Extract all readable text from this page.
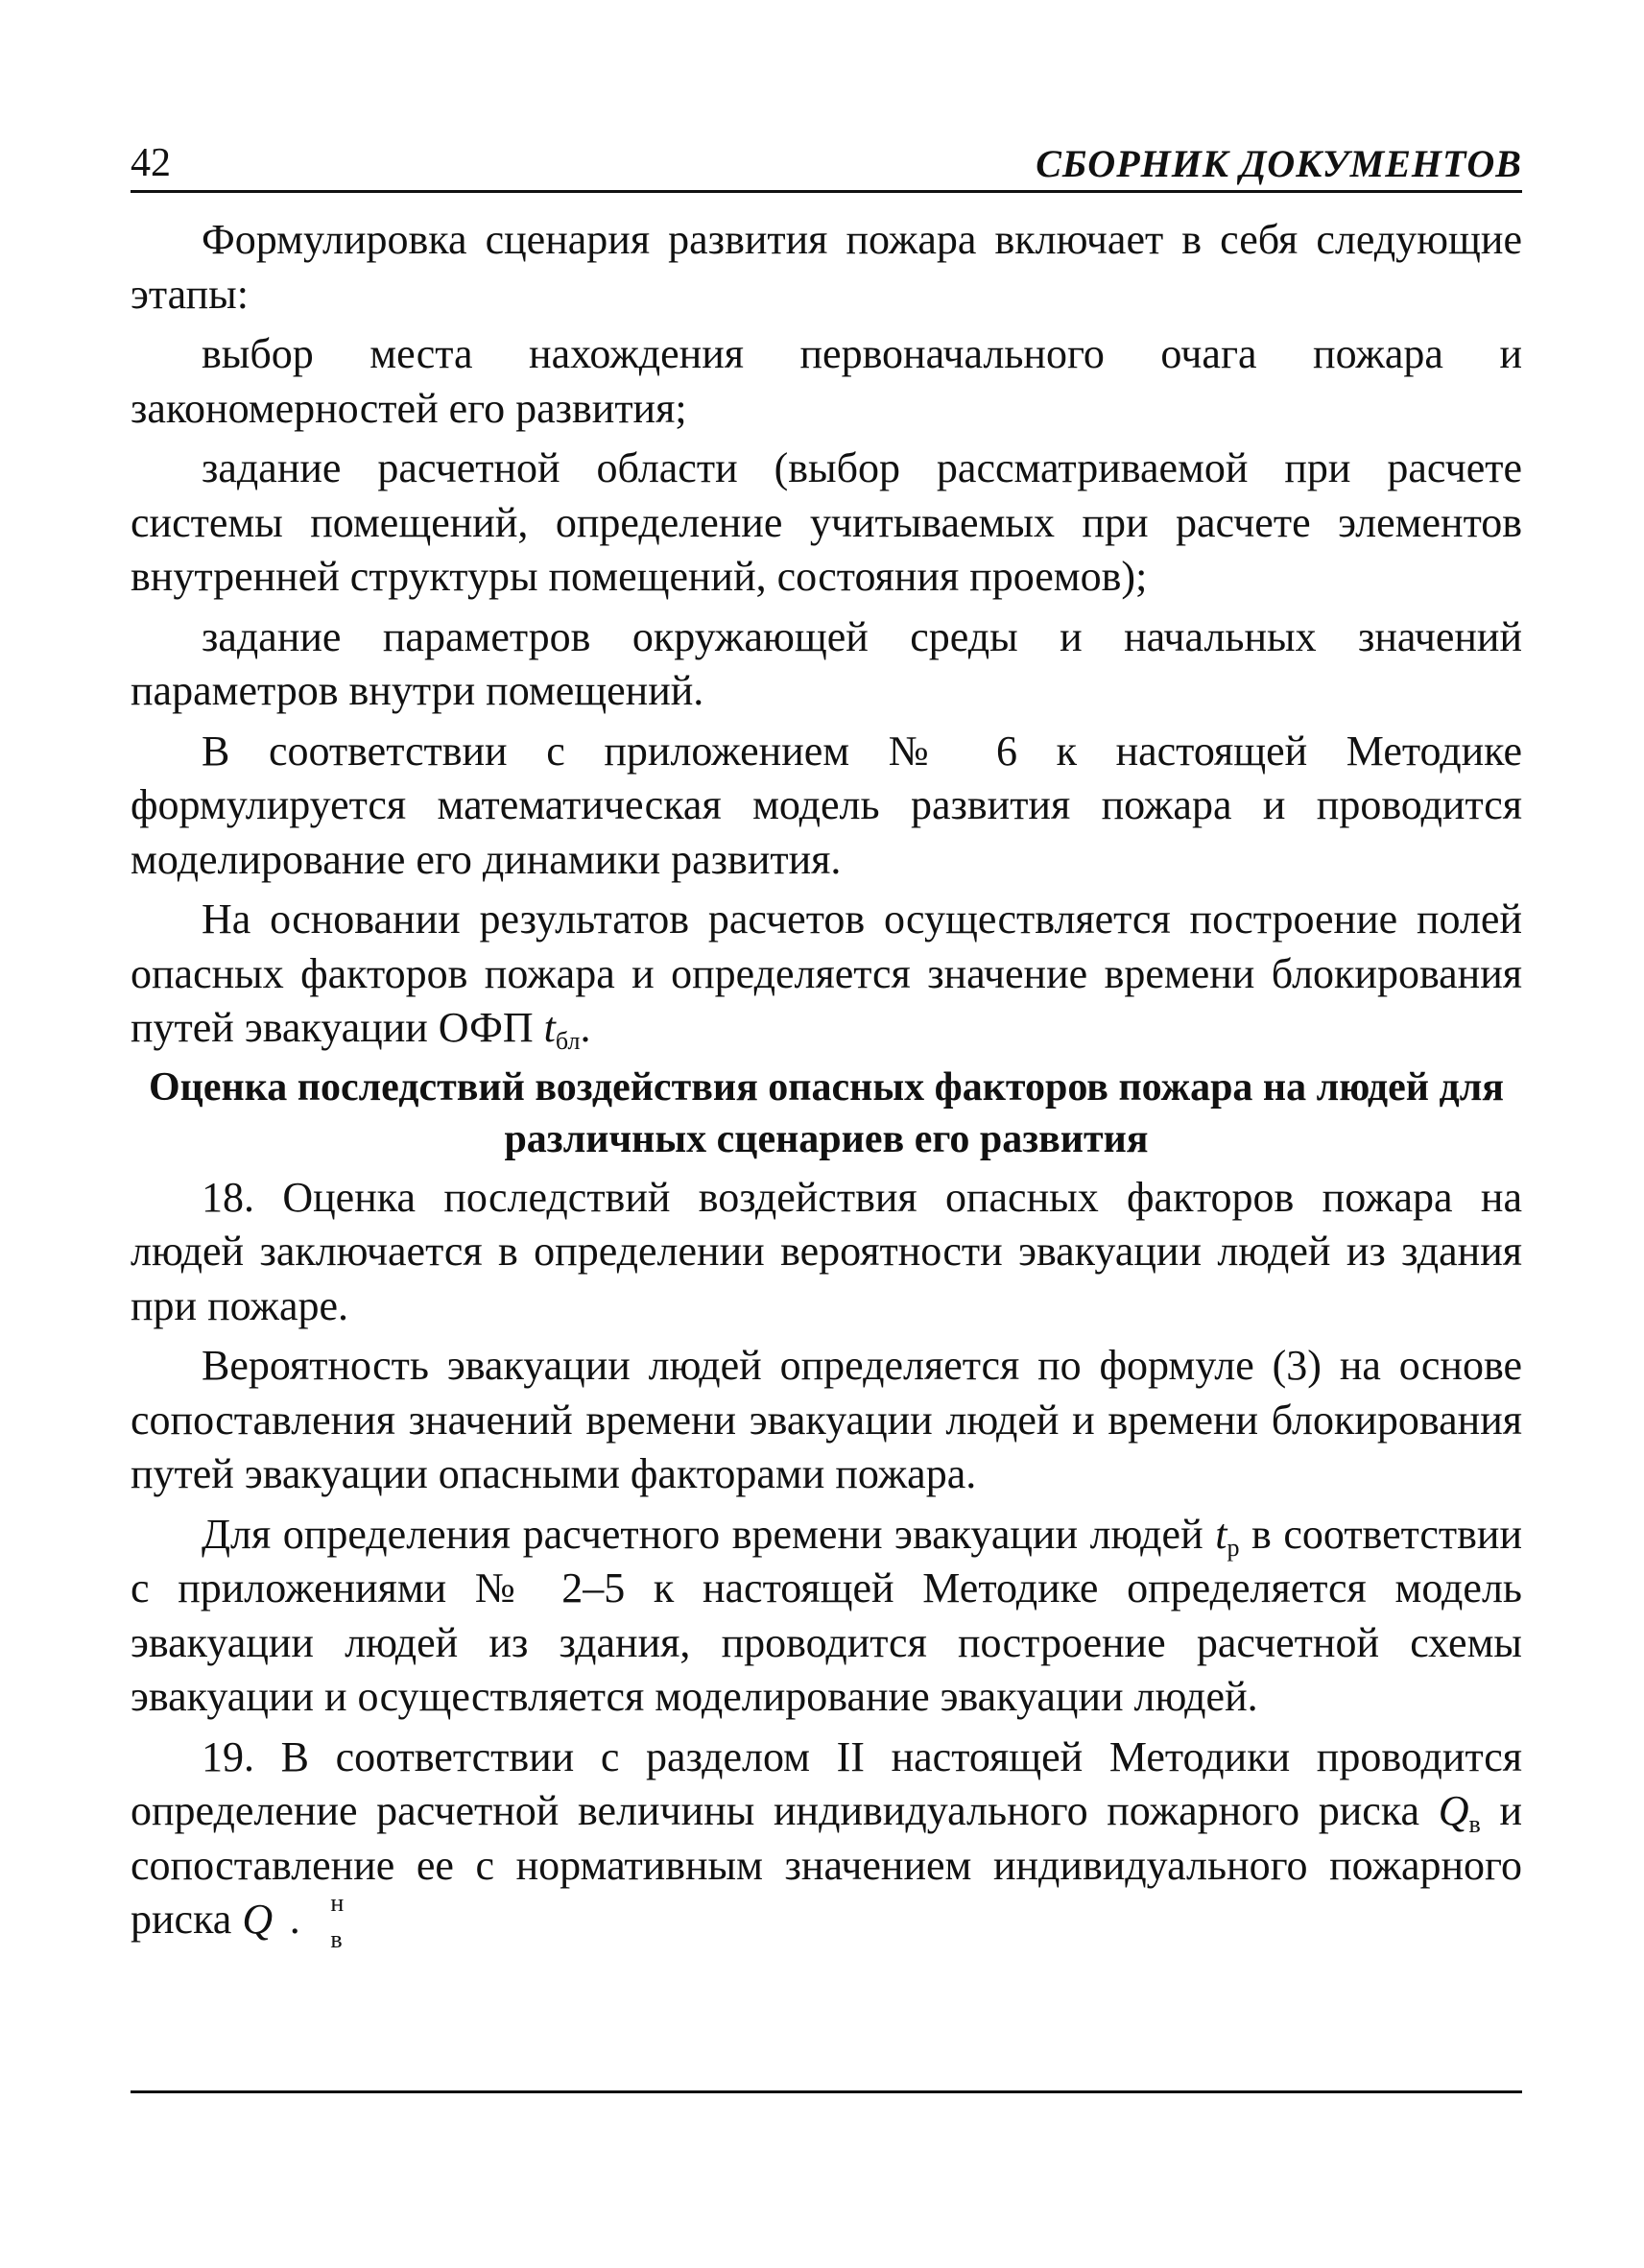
42	СБОРНИК ДОКУМЕНТОВ

Формулировка сценария развития пожара включает в себя следующие этапы:

выбор места нахождения первоначального очага пожара и закономерностей его развития;

задание расчетной области (выбор рассматриваемой при расчете системы помещений, определение учитываемых при расчете элементов внутренней структуры помещений, состояния проемов);

задание параметров окружающей среды и начальных значений параметров внутри помещений.

В соответствии с приложением № 6 к настоящей Методике формулируется математическая модель развития пожара и проводится моделирование его динамики развития.

На основании результатов расчетов осуществляется построение полей опасных факторов пожара и определяется значение времени блокирования путей эвакуации ОФП $t_{бл}$.

Оценка последствий воздействия опасных факторов пожара на людей для различных сценариев его развития

18. Оценка последствий воздействия опасных факторов пожара на людей заключается в определении вероятности эвакуации людей из здания при пожаре.

Вероятность эвакуации людей определяется по формуле (3) на основе сопоставления значений времени эвакуации людей и времени блокирования путей эвакуации опасными факторами пожара.

Для определения расчетного времени эвакуации людей $t_р$ в соответствии с приложениями № 2–5 к настоящей Методике определяется модель эвакуации людей из здания, проводится построение расчетной схемы эвакуации и осуществляется моделирование эвакуации людей.

19. В соответствии с разделом II настоящей Методики проводится определение расчетной величины индивидуального пожарного риска $Q_в$ и сопоставление ее с нормативным значением индивидуального пожарного риска Q	н
в
  .
